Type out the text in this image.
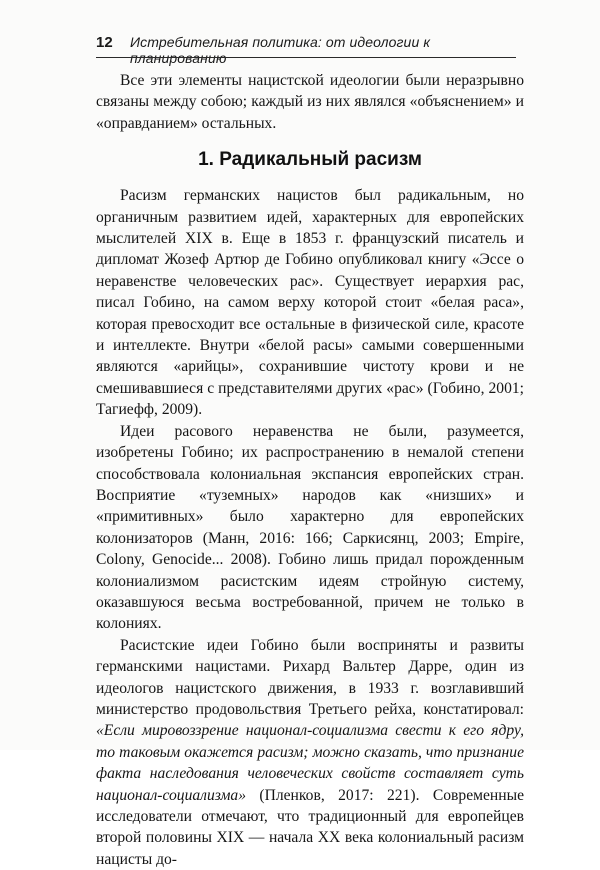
12 Истребительная политика: от идеологии к планированию

Все эти элементы нацистской идеологии были неразрывно связаны между собою; каждый из них являлся «объяснением» и «оправданием» остальных.

1. Радикальный расизм

Расизм германских нацистов был радикальным, но органичным развитием идей, характерных для европейских мыслителей XIX в. Еще в 1853 г. французский писатель и дипломат Жозеф Артюр де Гобино опубликовал книгу «Эссе о неравенстве человеческих рас». Существует иерархия рас, писал Гобино, на самом верху которой стоит «белая раса», которая превосходит все остальные в физической силе, красоте и интеллекте. Внутри «белой расы» самыми совершенными являются «арийцы», сохранившие чистоту крови и не смешивавшиеся с представителями других «рас» (Гобино, 2001; Тагиефф, 2009).

Идеи расового неравенства не были, разумеется, изобретены Гобино; их распространению в немалой степени способствовала колониальная экспансия европейских стран. Восприятие «туземных» народов как «низших» и «примитивных» было характерно для европейских колонизаторов (Манн, 2016: 166; Саркисянц, 2003; Empire, Colony, Genocide... 2008). Гобино лишь придал порожденным колониализмом расистским идеям стройную систему, оказавшуюся весьма востребованной, причем не только в колониях.

Расистские идеи Гобино были восприняты и развиты германскими нацистами. Рихард Вальтер Дарре, один из идеологов нацистского движения, в 1933 г. возглавивший министерство продовольствия Третьего рейха, констатировал: «Если мировоззрение национал-социализма свести к его ядру, то таковым окажется расизм; можно сказать, что признание факта наследования человеческих свойств составляет суть национал-социализма» (Пленков, 2017: 221). Современные исследователи отмечают, что традиционный для европейцев второй половины XIX — начала XX века колониальный расизм нацисты до-
